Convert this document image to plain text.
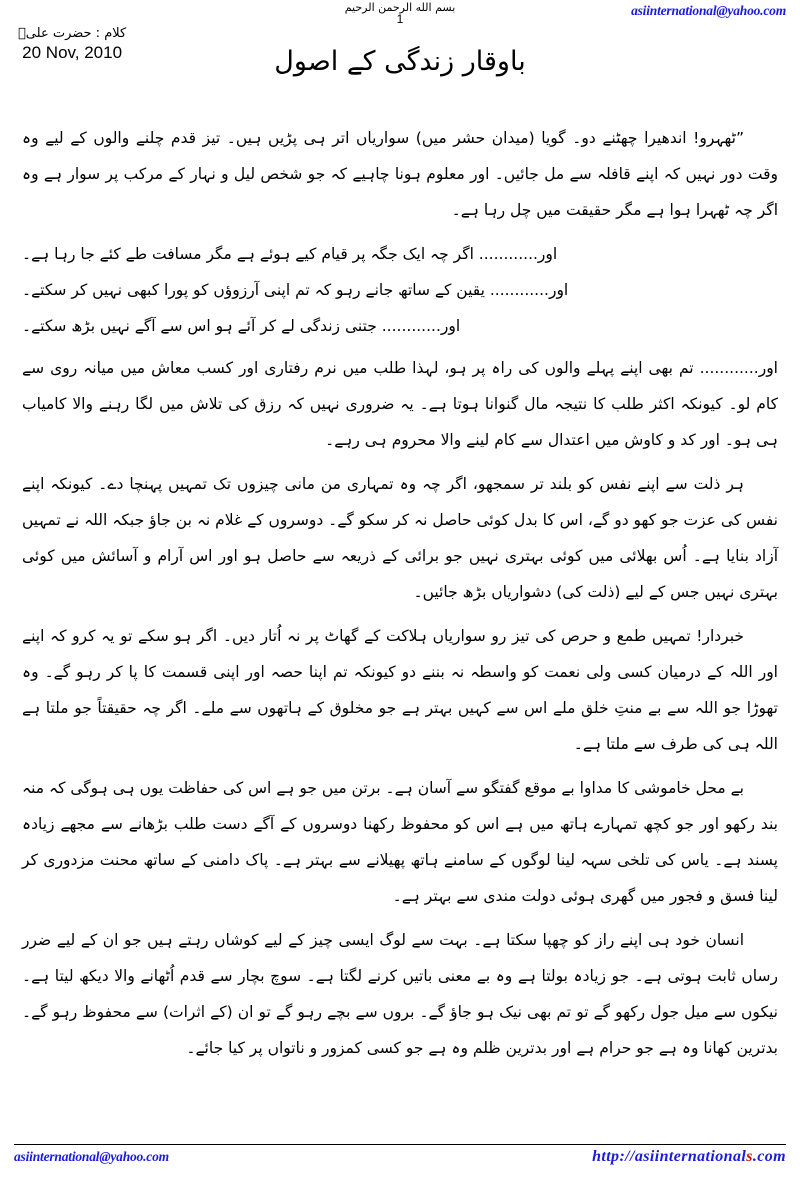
asiinternational@yahoo.com
بسم الله الرحمن الرحيم
1
کلام : حضرت علیؓ
20 Nov, 2010	باوقار زندگی کے اصول

”ٹھہرو! اندھیرا چھٹنے دو۔ گویا (میدان حشر میں) سواریاں اتر ہی پڑیں ہیں۔ تیز قدم چلنے والوں کے لیے وہ وقت دور نہیں کہ اپنے قافلہ سے مل جائیں۔ اور معلوم ہونا چاہیے کہ جو شخص لیل و نہار کے مرکب پر سوار ہے وہ اگر چہ ٹھہرا ہوا ہے مگر حقیقت میں چل رہا ہے۔

اور............ اگر چہ ایک جگہ پر قیام کیے ہوئے ہے مگر مسافت طے کئے جا رہا ہے۔

اور............ یقین کے ساتھ جانے رہو کہ تم اپنی آرزوؤں کو پورا کبھی نہیں کر سکتے۔

اور............ جتنی زندگی لے کر آئے ہو اس سے آگے نہیں بڑھ سکتے۔

اور............ تم بھی اپنے پہلے والوں کی راہ پر ہو، لہذا طلب میں نرم رفتاری اور کسب معاش میں میانہ روی سے کام لو۔ کیونکہ اکثر طلب کا نتیجہ مال گنوانا ہوتا ہے۔ یہ ضروری نہیں کہ رزق کی تلاش میں لگا رہنے والا کامیاب ہی ہو۔ اور کد و کاوش میں اعتدال سے کام لینے والا محروم ہی رہے۔

ہر ذلت سے اپنے نفس کو بلند تر سمجھو، اگر چہ وہ تمہاری من مانی چیزوں تک تمہیں پہنچا دے۔ کیونکہ اپنے نفس کی عزت جو کھو دو گے، اس کا بدل کوئی حاصل نہ کر سکو گے۔ دوسروں کے غلام نہ بن جاؤ جبکہ اللہ نے تمہیں آزاد بنایا ہے۔ اُس بھلائی میں کوئی بہتری نہیں جو برائی کے ذریعہ سے حاصل ہو اور اس آرام و آسائش میں کوئی بہتری نہیں جس کے لیے (ذلت کی) دشواریاں بڑھ جائیں۔

خبردار! تمہیں طمع و حرص کی تیز رو سواریاں ہلاکت کے گھاٹ پر نہ اُتار دیں۔ اگر ہو سکے تو یہ کرو کہ اپنے اور اللہ کے درمیان کسی ولی نعمت کو واسطہ نہ بننے دو کیونکہ تم اپنا حصہ اور اپنی قسمت کا پا کر رہو گے۔ وہ تھوڑا جو اللہ سے بے منتِ خلق ملے اس سے کہیں بہتر ہے جو مخلوق کے ہاتھوں سے ملے۔ اگر چہ حقیقتاً جو ملتا ہے اللہ ہی کی طرف سے ملتا ہے۔

بے محل خاموشی کا مداوا بے موقع گفتگو سے آسان ہے۔ برتن میں جو ہے اس کی حفاظت یوں ہی ہوگی کہ منہ بند رکھو اور جو کچھ تمہارے ہاتھ میں ہے اس کو محفوظ رکھنا دوسروں کے آگے دست طلب بڑھانے سے مجھے زیادہ پسند ہے۔ یاس کی تلخی سہہ لینا لوگوں کے سامنے ہاتھ پھیلانے سے بہتر ہے۔ پاک دامنی کے ساتھ محنت مزدوری کر لینا فسق و فجور میں گھری ہوئی دولت مندی سے بہتر ہے۔

انسان خود ہی اپنے راز کو چھپا سکتا ہے۔ بہت سے لوگ ایسی چیز کے لیے کوشاں رہتے ہیں جو ان کے لیے ضرر رساں ثابت ہوتی ہے۔ جو زیادہ بولتا ہے وہ بے معنی باتیں کرنے لگتا ہے۔ سوچ بچار سے قدم اُٹھانے والا دیکھ لیتا ہے۔ نیکوں سے میل جول رکھو گے تو تم بھی نیک ہو جاؤ گے۔ بروں سے بچے رہو گے تو ان (کے اثرات) سے محفوظ رہو گے۔ بدترین کھانا وہ ہے جو حرام ہے اور بدترین ظلم وہ ہے جو کسی کمزور و ناتواں پر کیا جائے۔

asiinternational@yahoo.com	http://asiinternationals.com
